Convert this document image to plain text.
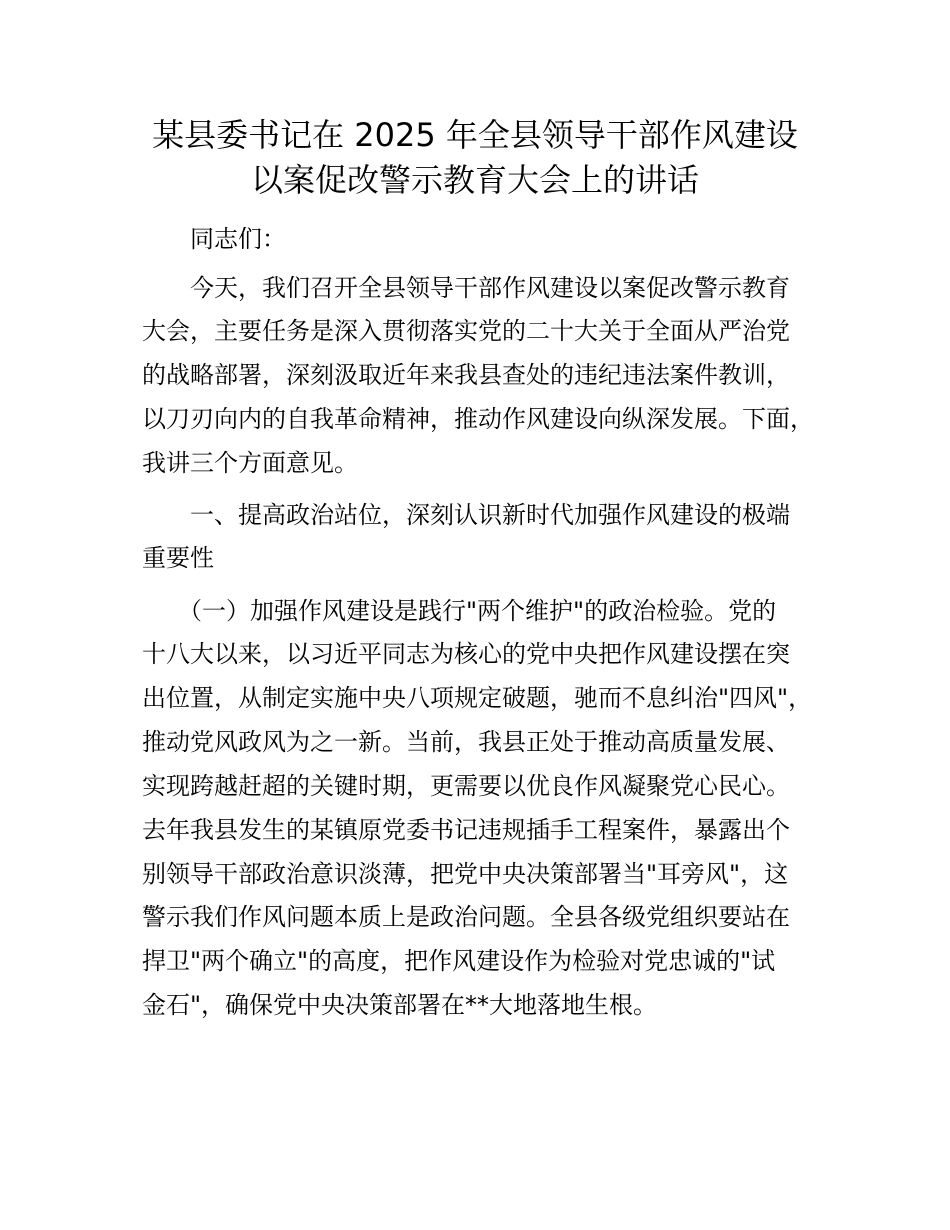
某县委书记在 2025 年全县领导干部作风建设
以案促改警示教育大会上的讲话
同志们：
今天，我们召开全县领导干部作风建设以案促改警示教育
大会，主要任务是深入贯彻落实党的二十大关于全面从严治党
的战略部署，深刻汲取近年来我县查处的违纪违法案件教训，
以刀刃向内的自我革命精神，推动作风建设向纵深发展。下面，
我讲三个方面意见。
一、提高政治站位，深刻认识新时代加强作风建设的极端
重要性
（一）加强作风建设是践行"两个维护"的政治检验。党的
十八大以来，以习近平同志为核心的党中央把作风建设摆在突
出位置，从制定实施中央八项规定破题，驰而不息纠治"四风"，
推动党风政风为之一新。当前，我县正处于推动高质量发展、
实现跨越赶超的关键时期，更需要以优良作风凝聚党心民心。
去年我县发生的某镇原党委书记违规插手工程案件，暴露出个
别领导干部政治意识淡薄，把党中央决策部署当"耳旁风"，这
警示我们作风问题本质上是政治问题。全县各级党组织要站在
捍卫"两个确立"的高度，把作风建设作为检验对党忠诚的"试
金石"，确保党中央决策部署在**大地落地生根。
